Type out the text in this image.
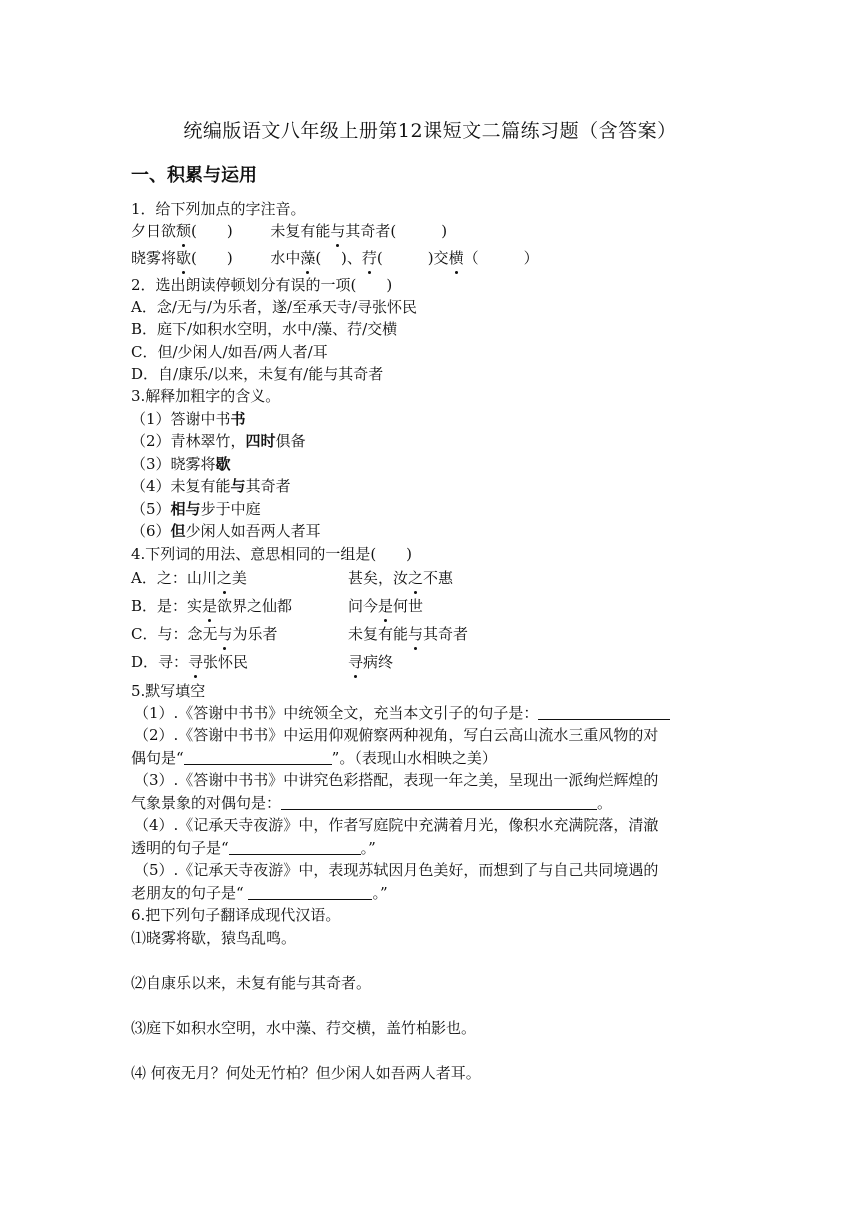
统编版语文八年级上册第12课短文二篇练习题（含答案）
一、积累与运用
1．给下列加点的字注音。
夕日欲颓(　　)	未复有能与其奇者(　　　)
晓雾将歇(　　)	水中藻(　 )、荇(　　　)交横（　　　）
2．选出朗读停顿划分有误的一项(　　)
A．念/无与/为乐者，遂/至承天寺/寻张怀民
B．庭下/如积水空明，水中/藻、荇/交横
C．但/少闲人/如吾/两人者/耳
D．自/康乐/以来，未复有/能与其奇者
3.解释加粗字的含义。
（1）答谢中书书
（2）青林翠竹，四时俱备
（3）晓雾将歇
（4）未复有能与其奇者
（5）相与步于中庭
（6）但少闲人如吾两人者耳
4.下列词的用法、意思相同的一组是(　　)
A．之：山川之美	甚矣，汝之不惠
B．是：实是欲界之仙都	问今是何世
C．与：念无与为乐者	未复有能与其奇者
D．寻：寻张怀民	寻病终
5.默写填空
（1）.《答谢中书书》中统领全文，充当本文引子的句子是：
（2）.《答谢中书书》中运用仰观俯察两种视角，写白云高山流水三重风物的对
偶句是“	”。（表现山水相映之美）
（3）.《答谢中书书》中讲究色彩搭配，表现一年之美，呈现出一派绚烂辉煌的
气象景象的对偶句是：	。
（4）.《记承天寺夜游》中，作者写庭院中充满着月光，像积水充满院落，清澈
透明的句子是“	。”
（5）.《记承天寺夜游》中，表现苏轼因月色美好，而想到了与自己共同境遇的
老朋友的句子是“	。”
6.把下列句子翻译成现代汉语。
⑴晓雾将歇，猿鸟乱鸣。
⑵自康乐以来，未复有能与其奇者。
⑶庭下如积水空明，水中藻、荇交横，盖竹柏影也。
⑷ 何夜无月？何处无竹柏？但少闲人如吾两人者耳。
